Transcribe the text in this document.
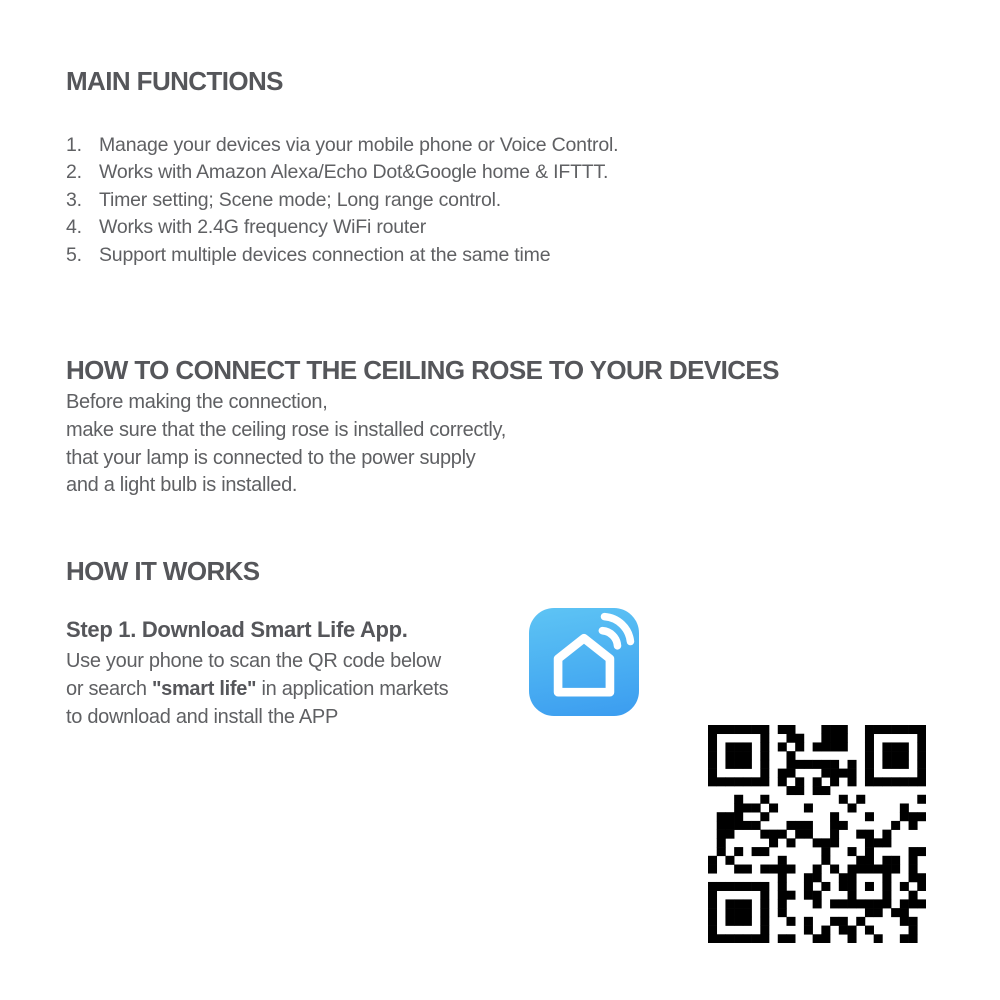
MAIN FUNCTIONS
1. Manage your devices via your mobile phone or Voice Control.
2. Works with Amazon Alexa/Echo Dot&Google home & IFTTT.
3. Timer setting; Scene mode; Long range control.
4. Works with 2.4G frequency WiFi router
5. Support multiple devices connection at the same time
HOW TO CONNECT THE CEILING ROSE TO YOUR DEVICES
Before making the connection,
make sure that the ceiling rose is installed correctly,
that your lamp is connected to the power supply
and a light bulb is installed.
HOW IT WORKS
Step 1. Download Smart Life App.
Use your phone to scan the QR code below
or search "smart life" in application markets
to download and install the APP
